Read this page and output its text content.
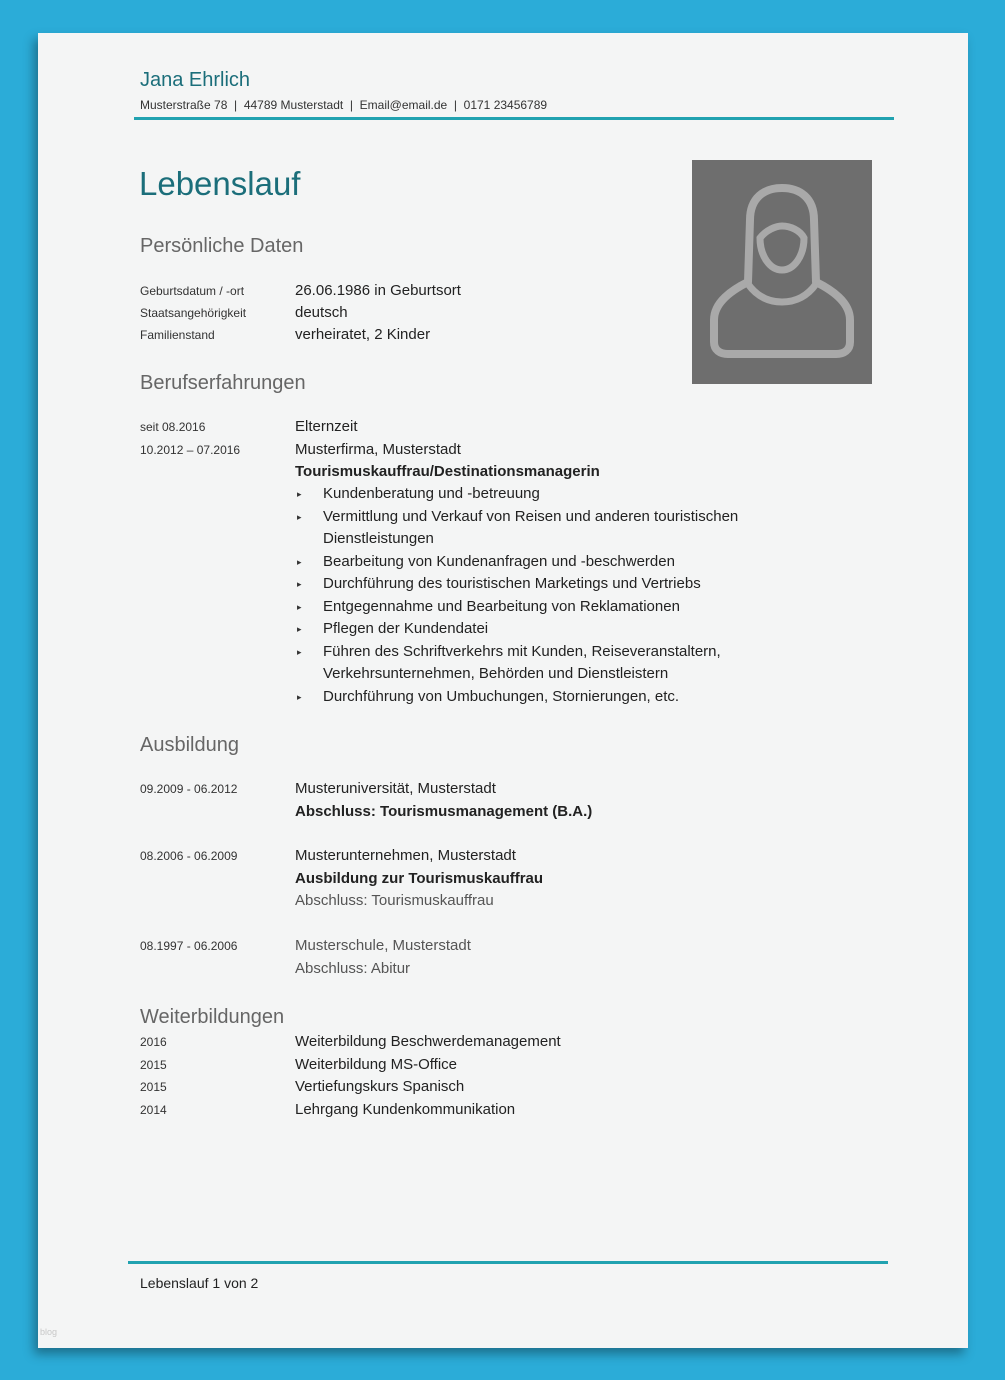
Jana Ehrlich
Musterstraße 78  |  44789 Musterstadt  |  Email@email.de  |  0171 23456789
Lebenslauf
Persönliche Daten
Geburtsdatum / -ort	26.06.1986 in Geburtsort
Staatsangehörigkeit	deutsch
Familienstand	verheiratet, 2 Kinder
Berufserfahrungen
seit 08.2016	Elternzeit
10.2012 – 07.2016	Musterfirma, Musterstadt
Tourismuskauffrau/Destinationsmanagerin
▸ Kundenberatung und -betreuung
▸ Vermittlung und Verkauf von Reisen und anderen touristischen Dienstleistungen
▸ Bearbeitung von Kundenanfragen und -beschwerden
▸ Durchführung des touristischen Marketings und Vertriebs
▸ Entgegennahme und Bearbeitung von Reklamationen
▸ Pflegen der Kundendatei
▸ Führen des Schriftverkehrs mit Kunden, Reiseveranstaltern, Verkehrsunternehmen, Behörden und Dienstleistern
▸ Durchführung von Umbuchungen, Stornierungen, etc.
Ausbildung
09.2009 - 06.2012	Musteruniversität, Musterstadt
Abschluss: Tourismusmanagement (B.A.)
08.2006 - 06.2009	Musterunternehmen, Musterstadt
Ausbildung zur Tourismuskauffrau
Abschluss: Tourismuskauffrau
08.1997 - 06.2006	Musterschule, Musterstadt
Abschluss: Abitur
Weiterbildungen
2016	Weiterbildung Beschwerdemanagement
2015	Weiterbildung MS-Office
2015	Vertiefungskurs Spanisch
2014	Lehrgang Kundenkommunikation
Lebenslauf 1 von 2
blog
